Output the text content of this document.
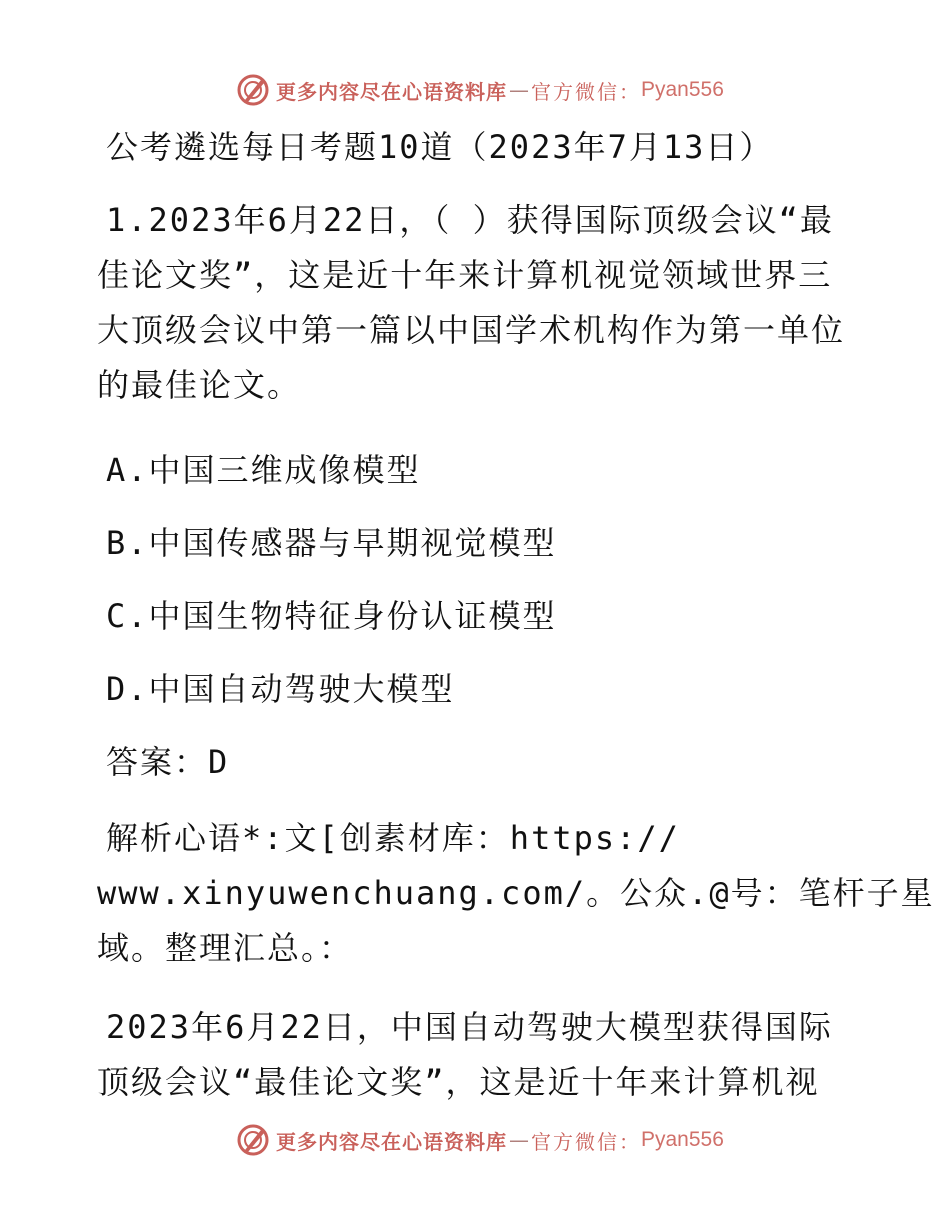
更多内容尽在心语资料库 — 官方微信： Pyan556
公考遴选每日考题10道（2023年7月13日）
1.2023年6月22日，（ ）获得国际顶级会议“最
佳论文奖”，这是近十年来计算机视觉领域世界三
大顶级会议中第一篇以中国学术机构作为第一单位
的最佳论文。
A.中国三维成像模型
B.中国传感器与早期视觉模型
C.中国生物特征身份认证模型
D.中国自动驾驶大模型
答案：D
解析心语*:文[创素材库：https://
www.xinyuwenchuang.com/。公众.@号：笔杆子星
域。整理汇总。：
2023年6月22日，中国自动驾驶大模型获得国际
顶级会议“最佳论文奖”，这是近十年来计算机视
更多内容尽在心语资料库 — 官方微信： Pyan556
